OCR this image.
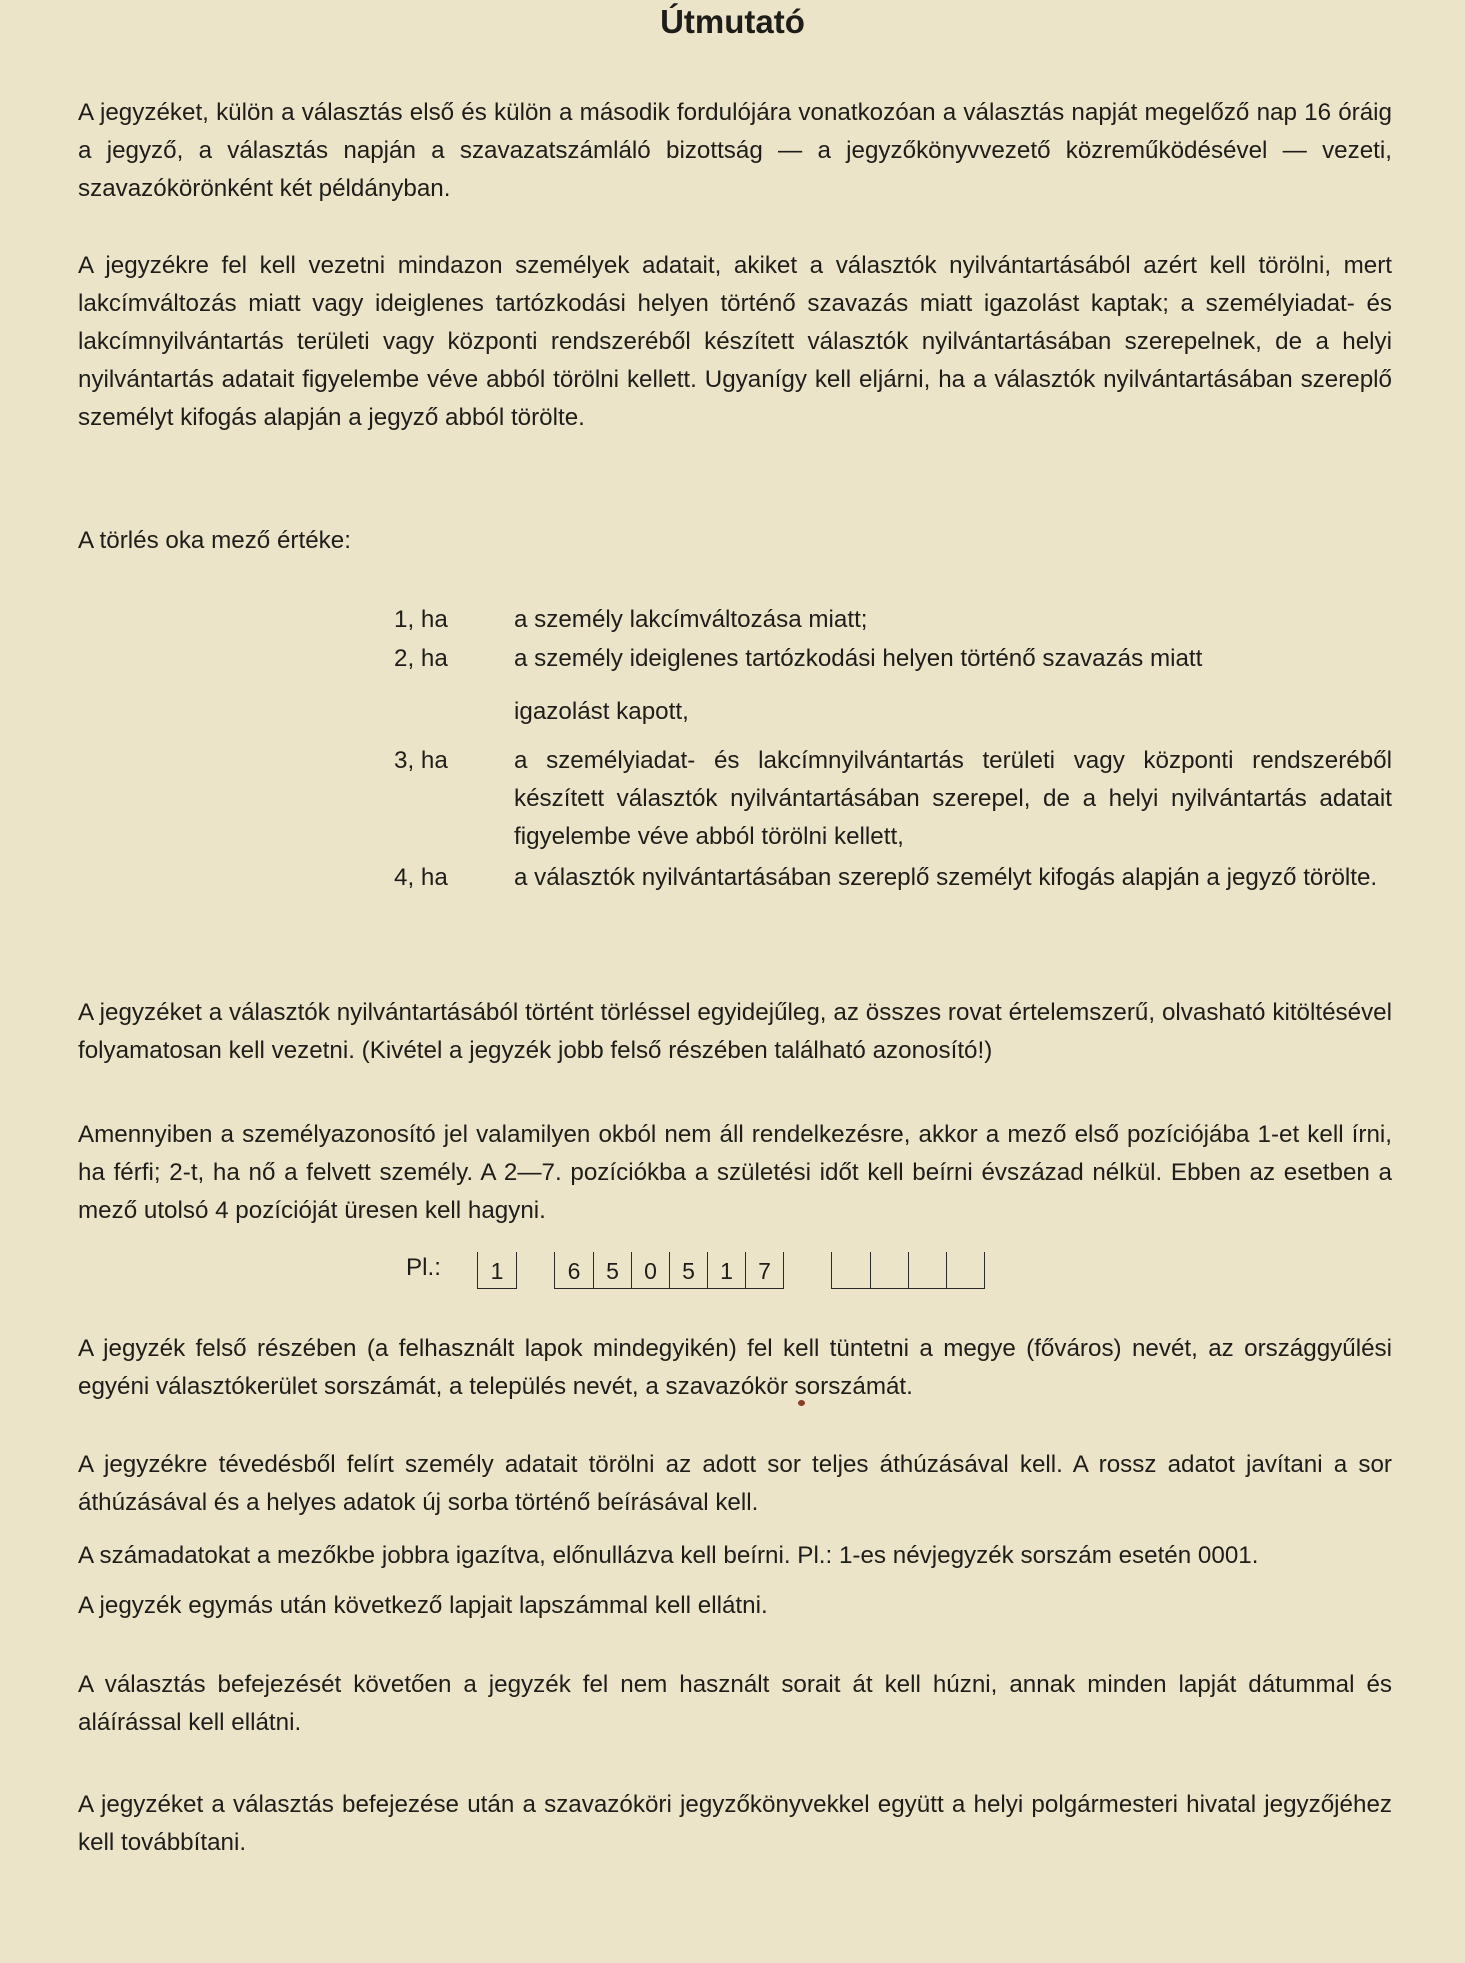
Útmutató

A jegyzéket, külön a választás első és külön a második fordulójára vonatkozóan a választás napját megelőző nap 16 óráig a jegyző, a választás napján a szavazatszámláló bizottság — a jegyzőkönyvvezető közreműködésével — vezeti, szavazókörönként két példányban.

A jegyzékre fel kell vezetni mindazon személyek adatait, akiket a választók nyilvántartásából azért kell törölni, mert lakcímváltozás miatt vagy ideiglenes tartózkodási helyen történő szavazás miatt igazolást kaptak; a személyiadat- és lakcímnyilvántartás területi vagy központi rendszeréből készített választók nyilvántartásában szerepelnek, de a helyi nyilvántartás adatait figyelembe véve abból törölni kellett. Ugyanígy kell eljárni, ha a választók nyilvántartásában szereplő személyt kifogás alapján a jegyző abból törölte.

A törlés oka mező értéke:
1, ha	a személy lakcímváltozása miatt;
2, ha	a személy ideiglenes tartózkodási helyen történő szavazás miatt
igazolást kapott,
3, ha	a személyiadat- és lakcímnyilvántartás területi vagy központi rendszeréből készített választók nyilvántartásában szerepel, de a helyi nyilvántartás adatait figyelembe véve abból törölni kellett,
4, ha	a választók nyilvántartásában szereplő személyt kifogás alapján a jegyző törölte.

A jegyzéket a választók nyilvántartásából történt törléssel egyidejűleg, az összes rovat értelemszerű, olvasható kitöltésével folyamatosan kell vezetni. (Kivétel a jegyzék jobb felső részében található azonosító!)

Amennyiben a személyazonosító jel valamilyen okból nem áll rendelkezésre, akkor a mező első pozíciójába 1-et kell írni, ha férfi; 2-t, ha nő a felvett személy. A 2—7. pozíciókba a születési időt kell beírni évszázad nélkül. Ebben az esetben a mező utolsó 4 pozícióját üresen kell hagyni.

Pl.:	1	6	5	0	5	1	7

A jegyzék felső részében (a felhasznált lapok mindegyikén) fel kell tüntetni a megye (főváros) nevét, az országgyűlési egyéni választókerület sorszámát, a település nevét, a szavazókör sorszámát.

A jegyzékre tévedésből felírt személy adatait törölni az adott sor teljes áthúzásával kell. A rossz adatot javítani a sor áthúzásával és a helyes adatok új sorba történő beírásával kell.

A számadatokat a mezőkbe jobbra igazítva, előnullázva kell beírni. Pl.: 1-es névjegyzék sorszám esetén 0001.

A jegyzék egymás után következő lapjait lapszámmal kell ellátni.

A választás befejezését követően a jegyzék fel nem használt sorait át kell húzni, annak minden lapját dátummal és aláírással kell ellátni.

A jegyzéket a választás befejezése után a szavazóköri jegyzőkönyvekkel együtt a helyi polgármesteri hivatal jegyzőjéhez kell továbbítani.
